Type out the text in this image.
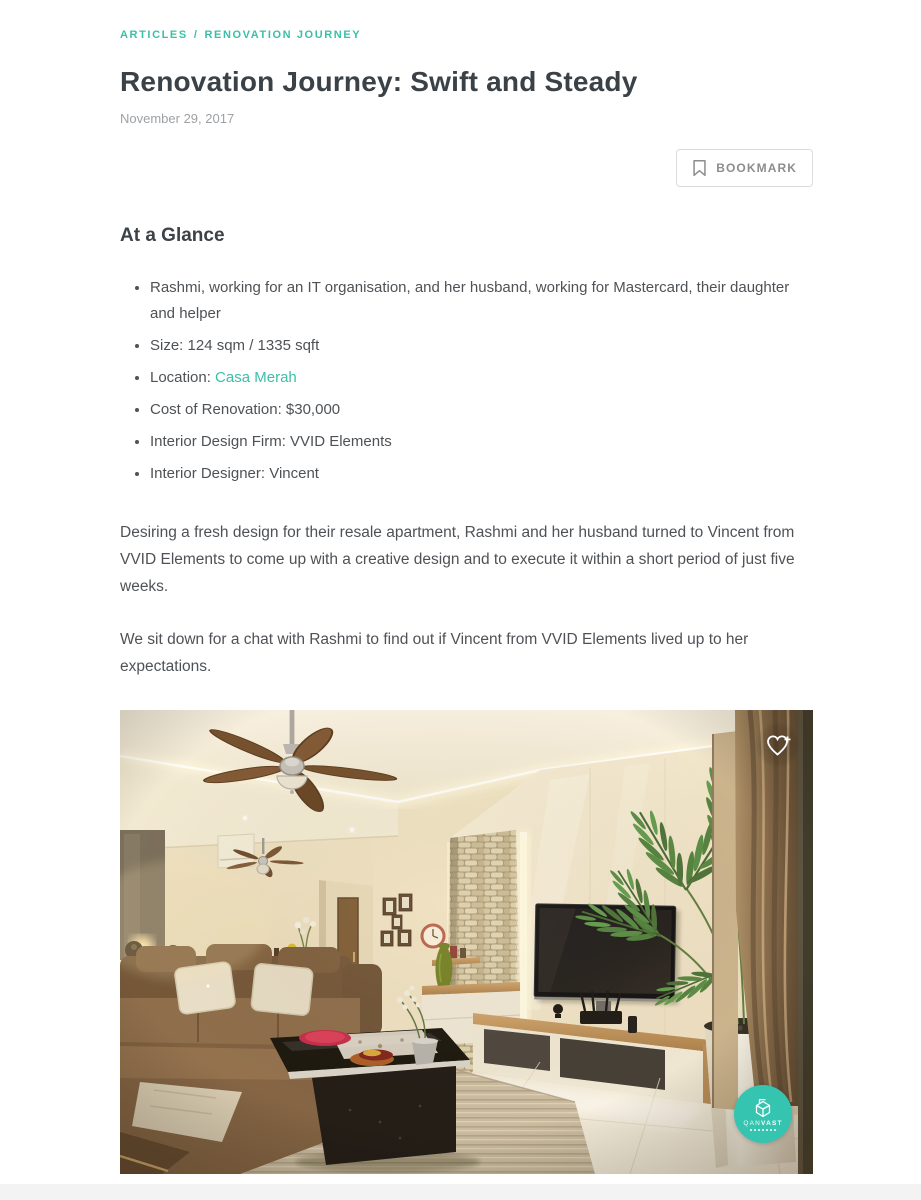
ARTICLES / RENOVATION JOURNEY
Renovation Journey: Swift and Steady
November 29, 2017
BOOKMARK
At a Glance
• Rashmi, working for an IT organisation, and her husband, working for Mastercard, their daughter and helper
• Size: 124 sqm / 1335 sqft
• Location: Casa Merah
• Cost of Renovation: $30,000
• Interior Design Firm: VVID Elements
• Interior Designer: Vincent

Desiring a fresh design for their resale apartment, Rashmi and her husband turned to Vincent from VVID Elements to come up with a creative design and to execute it within a short period of just five weeks.

We sit down for a chat with Rashmi to find out if Vincent from VVID Elements lived up to her expectations.

QANVAST
